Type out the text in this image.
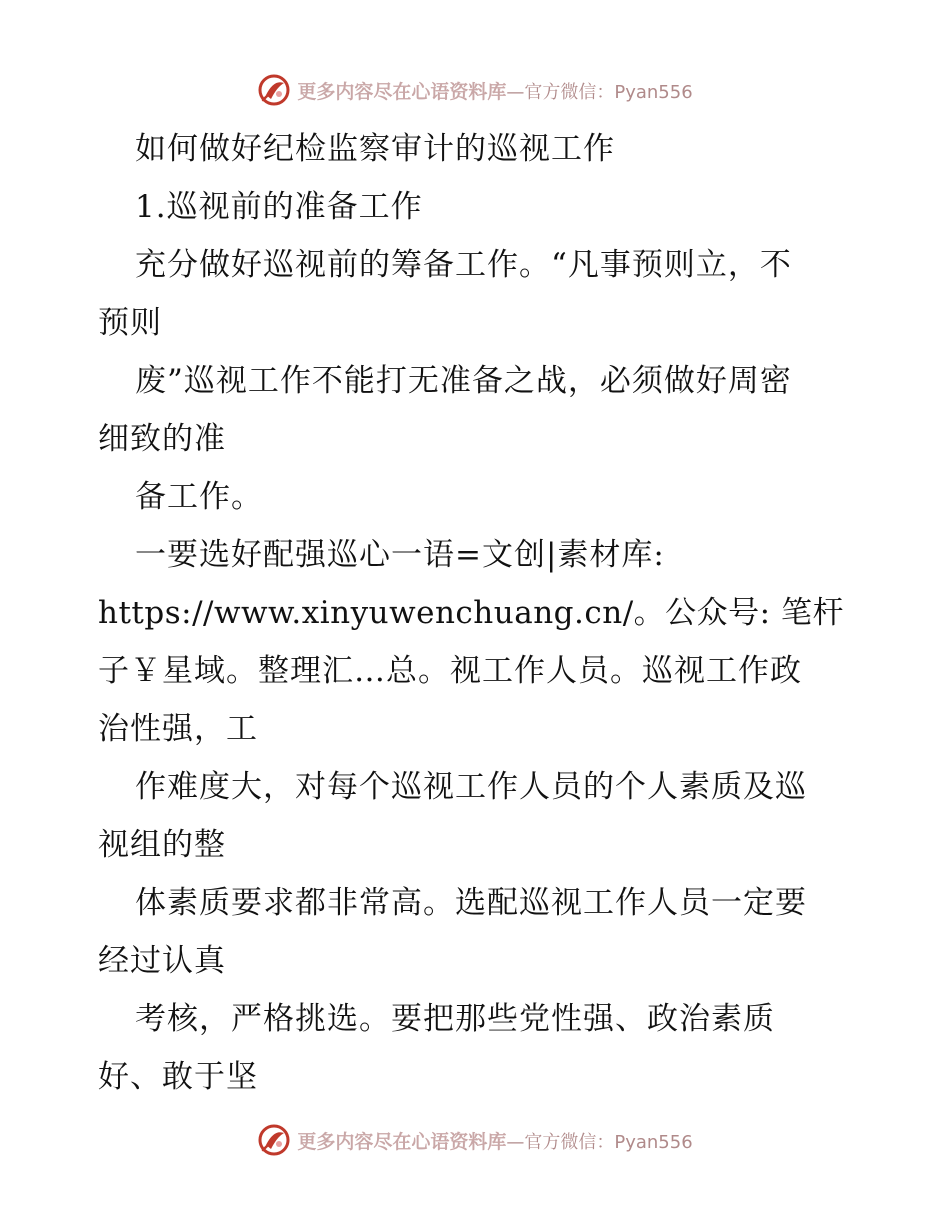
更多内容尽在心语资料库 — 官方微信：Pyan556
如何做好纪检监察审计的巡视工作
1.巡视前的准备工作
充分做好巡视前的筹备工作。“凡事预则立，不
预则
废”巡视工作不能打无准备之战，必须做好周密
细致的准
备工作。
一要选好配强巡心一语=文创|素材库:
https://www.xinyuwenchuang.cn/。公众号: 笔杆
子￥星域。整理汇…总。视工作人员。巡视工作政
治性强，工
作难度大，对每个巡视工作人员的个人素质及巡
视组的整
体素质要求都非常高。选配巡视工作人员一定要
经过认真
考核，严格挑选。要把那些党性强、政治素质
好、敢于坚
更多内容尽在心语资料库 — 官方微信：Pyan556
